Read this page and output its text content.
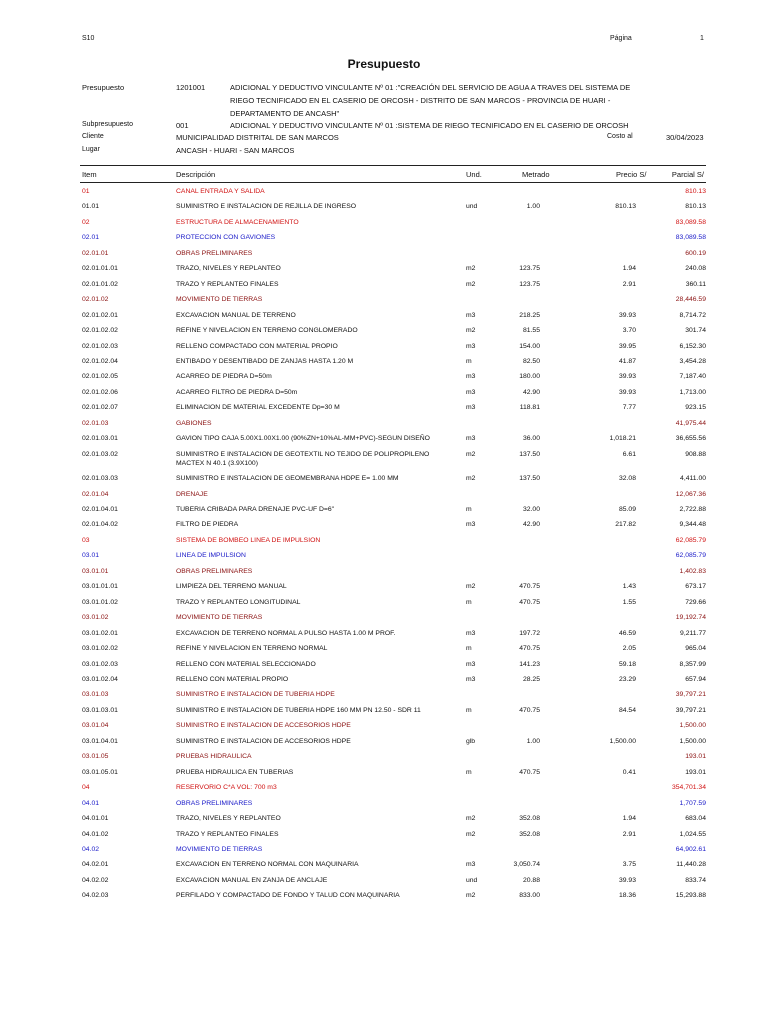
S10	Página	1
Presupuesto
Presupuesto	1201001	ADICIONAL Y DEDUCTIVO VINCULANTE Nº 01 :"CREACIÓN DEL SERVICIO DE AGUA A TRAVES DEL SISTEMA DE
RIEGO TECNIFICADO EN EL CASERIO DE ORCOSH - DISTRITO DE SAN MARCOS - PROVINCIA DE HUARI -
DEPARTAMENTO DE ANCASH"
Subpresupuesto	001	ADICIONAL Y DEDUCTIVO VINCULANTE Nº 01 :SISTEMA DE RIEGO TECNIFICADO EN EL CASERIO DE ORCOSH
Cliente	MUNICIPALIDAD DISTRITAL DE SAN MARCOS	Costo al	30/04/2023
Lugar	ANCASH - HUARI - SAN MARCOS
Item	Descripción	Und.	Metrado	Precio S/	Parcial S/
01	CANAL ENTRADA Y SALIDA	810.13
01.01	SUMINISTRO E INSTALACION DE REJILLA DE INGRESO	und	1.00	810.13	810.13
02	ESTRUCTURA DE ALMACENAMIENTO	83,089.58
02.01	PROTECCION CON GAVIONES	83,089.58
02.01.01	OBRAS PRELIMINARES	600.19
02.01.01.01	TRAZO, NIVELES Y REPLANTEO	m2	123.75	1.94	240.08
02.01.01.02	TRAZO Y REPLANTEO FINALES	m2	123.75	2.91	360.11
02.01.02	MOVIMIENTO DE TIERRAS	28,446.59
02.01.02.01	EXCAVACION MANUAL DE TERRENO	m3	218.25	39.93	8,714.72
02.01.02.02	REFINE Y NIVELACION EN TERRENO CONGLOMERADO	m2	81.55	3.70	301.74
02.01.02.03	RELLENO COMPACTADO CON MATERIAL PROPIO	m3	154.00	39.95	6,152.30
02.01.02.04	ENTIBADO Y DESENTIBADO DE ZANJAS HASTA 1.20 M	m	82.50	41.87	3,454.28
02.01.02.05	ACARREO DE PIEDRA D=50m	m3	180.00	39.93	7,187.40
02.01.02.06	ACARREO FILTRO DE PIEDRA D=50m	m3	42.90	39.93	1,713.00
02.01.02.07	ELIMINACION DE MATERIAL EXCEDENTE Dp=30 M	m3	118.81	7.77	923.15
02.01.03	GABIONES	41,975.44
02.01.03.01	GAVION TIPO CAJA 5.00X1.00X1.00 (90%ZN+10%AL-MM+PVC)-SEGUN DISEÑO	m3	36.00	1,018.21	36,655.56
02.01.03.02	SUMINISTRO E INSTALACION DE GEOTEXTIL NO TEJIDO DE POLIPROPILENO	m2	137.50	6.61	908.88
MACTEX N 40.1 (3.9X100)
02.01.03.03	SUMINISTRO E INSTALACION DE GEOMEMBRANA HDPE E= 1.00 MM	m2	137.50	32.08	4,411.00
02.01.04	DRENAJE	12,067.36
02.01.04.01	TUBERIA CRIBADA PARA DRENAJE PVC-UF D=6"	m	32.00	85.09	2,722.88
02.01.04.02	FILTRO DE PIEDRA	m3	42.90	217.82	9,344.48
03	SISTEMA DE BOMBEO LINEA DE IMPULSION	62,085.79
03.01	LINEA DE IMPULSION	62,085.79
03.01.01	OBRAS PRELIMINARES	1,402.83
03.01.01.01	LIMPIEZA DEL TERRENO MANUAL	m2	470.75	1.43	673.17
03.01.01.02	TRAZO Y REPLANTEO LONGITUDINAL	m	470.75	1.55	729.66
03.01.02	MOVIMIENTO DE TIERRAS	19,192.74
03.01.02.01	EXCAVACION DE TERRENO NORMAL A PULSO HASTA 1.00 M PROF.	m3	197.72	46.59	9,211.77
03.01.02.02	REFINE Y NIVELACION EN TERRENO NORMAL	m	470.75	2.05	965.04
03.01.02.03	RELLENO CON MATERIAL SELECCIONADO	m3	141.23	59.18	8,357.99
03.01.02.04	RELLENO CON MATERIAL PROPIO	m3	28.25	23.29	657.94
03.01.03	SUMINISTRO E INSTALACION DE TUBERIA HDPE	39,797.21
03.01.03.01	SUMINISTRO E INSTALACION DE TUBERIA HDPE 160 MM PN 12.50 - SDR 11	m	470.75	84.54	39,797.21
03.01.04	SUMINISTRO E INSTALACION DE ACCESORIOS HDPE	1,500.00
03.01.04.01	SUMINISTRO E INSTALACION DE ACCESORIOS HDPE	glb	1.00	1,500.00	1,500.00
03.01.05	PRUEBAS HIDRAULICA	193.01
03.01.05.01	PRUEBA HIDRAULICA EN TUBERIAS	m	470.75	0.41	193.01
04	RESERVORIO C*A VOL: 700 m3	354,701.34
04.01	OBRAS PRELIMINARES	1,707.59
04.01.01	TRAZO, NIVELES Y REPLANTEO	m2	352.08	1.94	683.04
04.01.02	TRAZO Y REPLANTEO FINALES	m2	352.08	2.91	1,024.55
04.02	MOVIMIENTO DE TIERRAS	64,902.61
04.02.01	EXCAVACION EN TERRENO NORMAL CON MAQUINARIA	m3	3,050.74	3.75	11,440.28
04.02.02	EXCAVACION MANUAL EN ZANJA DE ANCLAJE	und	20.88	39.93	833.74
04.02.03	PERFILADO Y COMPACTADO DE FONDO Y TALUD CON MAQUINARIA	m2	833.00	18.36	15,293.88
